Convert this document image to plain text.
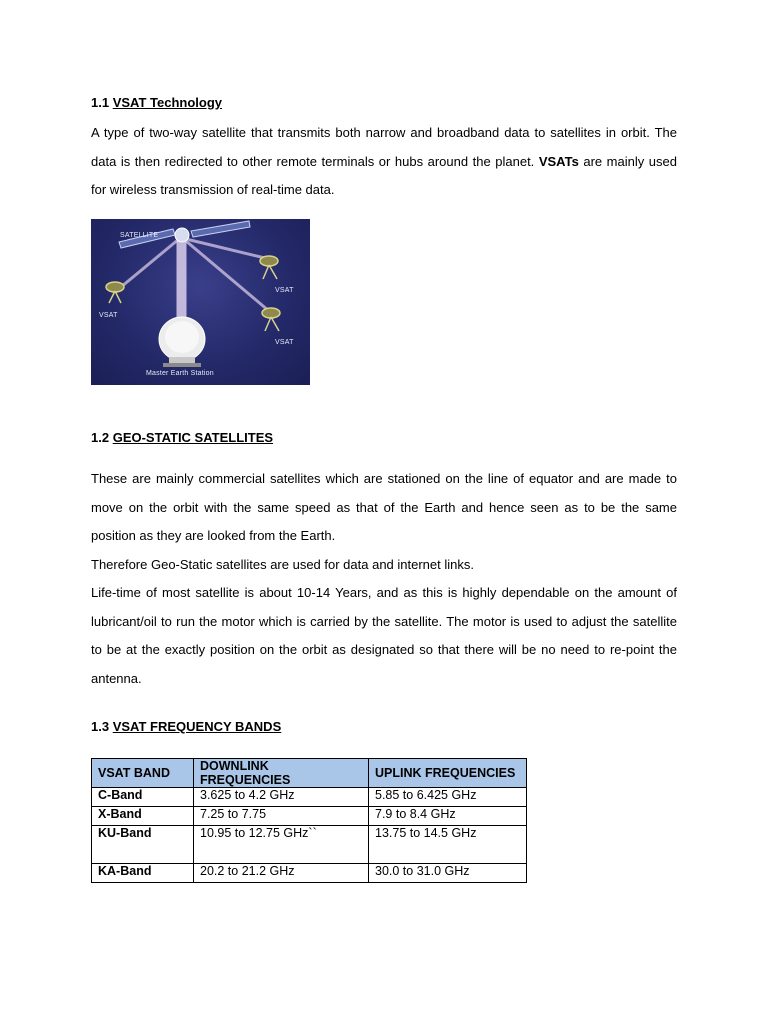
1.1 VSAT Technology

A type of two-way satellite that transmits both narrow and broadband data to satellites in orbit. The data is then redirected to other remote terminals or hubs around the planet. VSATs are mainly used for wireless transmission of real-time data.

SATELLITE
VSAT
VSAT
VSAT
Master Earth Station
1.2 GEO-STATIC SATELLITES

These are mainly commercial satellites which are stationed on the line of equator and are made to move on the orbit with the same speed as that of the Earth and hence seen as to be the same position as they are looked from the Earth.

Therefore Geo-Static satellites are used for data and internet links.

Life-time of most satellite is about 10-14 Years, and as this is highly dependable on the amount of lubricant/oil to run the motor which is carried by the satellite. The motor is used to adjust the satellite to be at the exactly position on the orbit as designated so that there will be no need to re-point the antenna.

1.3 VSAT FREQUENCY BANDS
VSAT BAND	DOWNLINK FREQUENCIES	UPLINK FREQUENCIES
C-Band	3.625 to 4.2 GHz	5.85 to 6.425 GHz
X-Band	7.25 to 7.75	7.9 to 8.4 GHz
KU-Band	10.95 to 12.75 GHz``	13.75 to 14.5 GHz
KA-Band	20.2 to 21.2 GHz	30.0 to 31.0 GHz
